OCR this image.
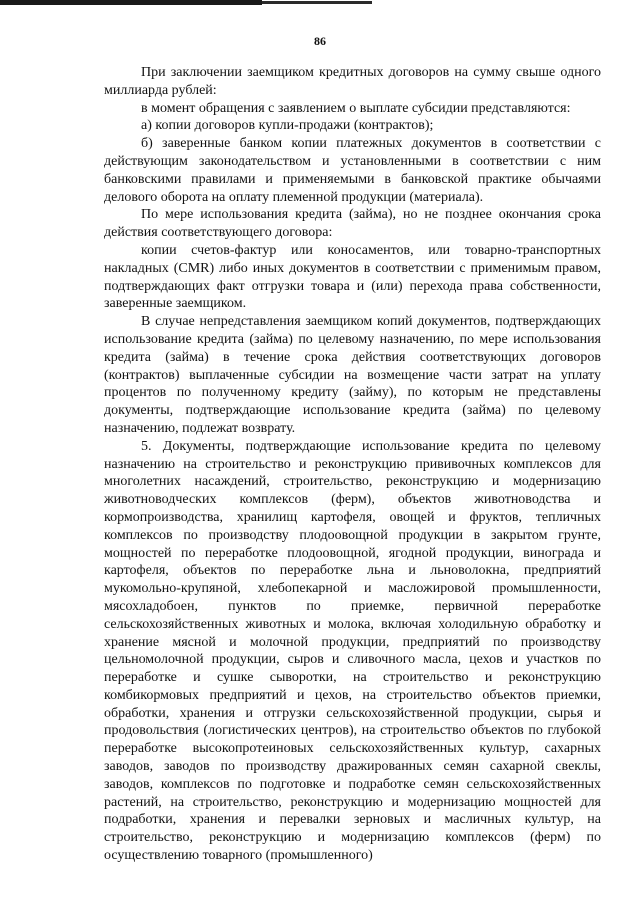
86

При заключении заемщиком кредитных договоров на сумму свыше одного миллиарда рублей:

в момент обращения с заявлением о выплате субсидии представляются:

а) копии договоров купли-продажи (контрактов);

б) заверенные банком копии платежных документов в соответствии с действующим законодательством и установленными в соответствии с ним банковскими правилами и применяемыми в банковской практике обычаями делового оборота на оплату племенной продукции (материала).

По мере использования кредита (займа), но не позднее окончания срока действия соответствующего договора:

копии счетов-фактур или коносаментов, или товарно-транспортных накладных (CMR) либо иных документов в соответствии с применимым правом, подтверждающих факт отгрузки товара и (или) перехода права собственности, заверенные заемщиком.

В случае непредставления заемщиком копий документов, подтверждающих использование кредита (займа) по целевому назначению, по мере использования кредита (займа) в течение срока действия соответствующих договоров (контрактов) выплаченные субсидии на возмещение части затрат на уплату процентов по полученному кредиту (займу), по которым не представлены документы, подтверждающие использование кредита (займа) по целевому назначению, подлежат возврату.

5. Документы, подтверждающие использование кредита по целевому назначению на строительство и реконструкцию прививочных комплексов для многолетних насаждений, строительство, реконструкцию и модернизацию животноводческих комплексов (ферм), объектов животноводства и кормопроизводства, хранилищ картофеля, овощей и фруктов, тепличных комплексов по производству плодоовощной продукции в закрытом грунте, мощностей по переработке плодоовощной, ягодной продукции, винограда и картофеля, объектов по переработке льна и льноволокна, предприятий мукомольно-крупяной, хлебопекарной и масложировой промышленности, мясохладобоен, пунктов по приемке, первичной переработке сельскохозяйственных животных и молока, включая холодильную обработку и хранение мясной и молочной продукции, предприятий по производству цельномолочной продукции, сыров и сливочного масла, цехов и участков по переработке и сушке сыворотки, на строительство и реконструкцию комбикормовых предприятий и цехов, на строительство объектов приемки, обработки, хранения и отгрузки сельскохозяйственной продукции, сырья и продовольствия (логистических центров), на строительство объектов по глубокой переработке высокопротеиновых сельскохозяйственных культур, сахарных заводов, заводов по производству дражированных семян сахарной свеклы, заводов, комплексов по подготовке и подработке семян сельскохозяйственных растений, на строительство, реконструкцию и модернизацию мощностей для подработки, хранения и перевалки зерновых и масличных культур, на строительство, реконструкцию и модернизацию комплексов (ферм) по осуществлению товарного (промышленного)
